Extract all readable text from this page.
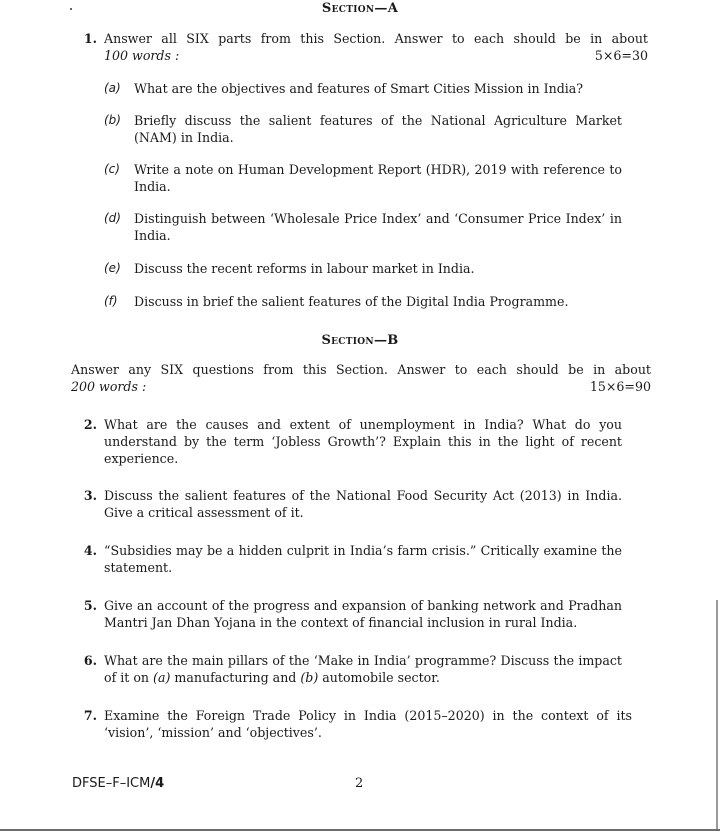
Section—A
1. Answer all SIX parts from this Section. Answer to each should be in about
100 words :	5×6=30
(a)	What are the objectives and features of Smart Cities Mission in India?
(b)	Briefly discuss the salient features of the National Agriculture Market (NAM) in India.
(c)	Write a note on Human Development Report (HDR), 2019 with reference to India.
(d)	Distinguish between ‘Wholesale Price Index’ and ‘Consumer Price Index’ in India.
(e)	Discuss the recent reforms in labour market in India.
(f)	Discuss in brief the salient features of the Digital India Programme.
Section—B
Answer any SIX questions from this Section. Answer to each should be in about
200 words :	15×6=90
2. What are the causes and extent of unemployment in India? What do you understand by the term ‘Jobless Growth’? Explain this in the light of recent experience.
3. Discuss the salient features of the National Food Security Act (2013) in India. Give a critical assessment of it.
4. “Subsidies may be a hidden culprit in India’s farm crisis.” Critically examine the statement.
5. Give an account of the progress and expansion of banking network and Pradhan Mantri Jan Dhan Yojana in the context of financial inclusion in rural India.
6. What are the main pillars of the ‘Make in India’ programme? Discuss the impact of it on (a) manufacturing and (b) automobile sector.
7. Examine the Foreign Trade Policy in India (2015–2020) in the context of its ‘vision’, ‘mission’ and ‘objectives’.
DFSE–F–ICM/4	2
